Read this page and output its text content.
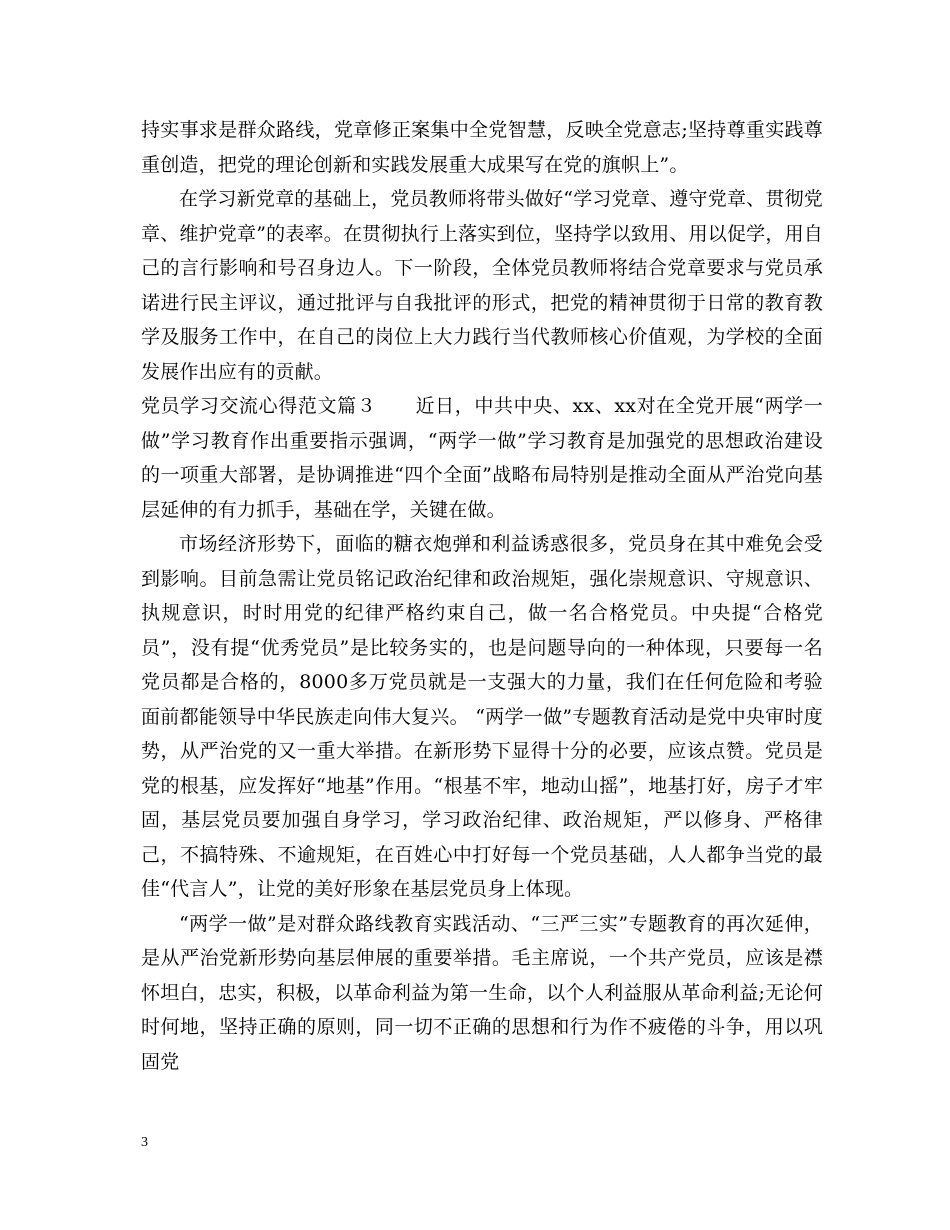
持实事求是群众路线，党章修正案集中全党智慧，反映全党意志;坚持尊重实践尊重创造，把党的理论创新和实践发展重大成果写在党的旗帜上”。

在学习新党章的基础上，党员教师将带头做好“学习党章、遵守党章、贯彻党章、维护党章”的表率。在贯彻执行上落实到位，坚持学以致用、用以促学，用自己的言行影响和号召身边人。下一阶段，全体党员教师将结合党章要求与党员承诺进行民主评议，通过批评与自我批评的形式，把党的精神贯彻于日常的教育教学及服务工作中，在自己的岗位上大力践行当代教师核心价值观，为学校的全面发展作出应有的贡献。

党员学习交流心得范文篇３　　近日，中共中央、xx、xx对在全党开展“两学一做”学习教育作出重要指示强调，“两学一做”学习教育是加强党的思想政治建设的一项重大部署，是协调推进“四个全面”战略布局特别是推动全面从严治党向基层延伸的有力抓手，基础在学，关键在做。

市场经济形势下，面临的糖衣炮弹和利益诱惑很多，党员身在其中难免会受到影响。目前急需让党员铭记政治纪律和政治规矩，强化崇规意识、守规意识、执规意识，时时用党的纪律严格约束自己，做一名合格党员。中央提“合格党员”，没有提“优秀党员”是比较务实的，也是问题导向的一种体现，只要每一名党员都是合格的，8000多万党员就是一支强大的力量，我们在任何危险和考验面前都能领导中华民族走向伟大复兴。 “两学一做”专题教育活动是党中央审时度势，从严治党的又一重大举措。在新形势下显得十分的必要，应该点赞。党员是党的根基，应发挥好“地基”作用。“根基不牢，地动山摇”，地基打好，房子才牢固，基层党员要加强自身学习，学习政治纪律、政治规矩，严以修身、严格律己，不搞特殊、不逾规矩，在百姓心中打好每一个党员基础，人人都争当党的最佳“代言人”，让党的美好形象在基层党员身上体现。

“两学一做”是对群众路线教育实践活动、“三严三实”专题教育的再次延伸，是从严治党新形势向基层伸展的重要举措。毛主席说，一个共产党员，应该是襟怀坦白，忠实，积极，以革命利益为第一生命，以个人利益服从革命利益;无论何时何地，坚持正确的原则，同一切不正确的思想和行为作不疲倦的斗争，用以巩固党

3
